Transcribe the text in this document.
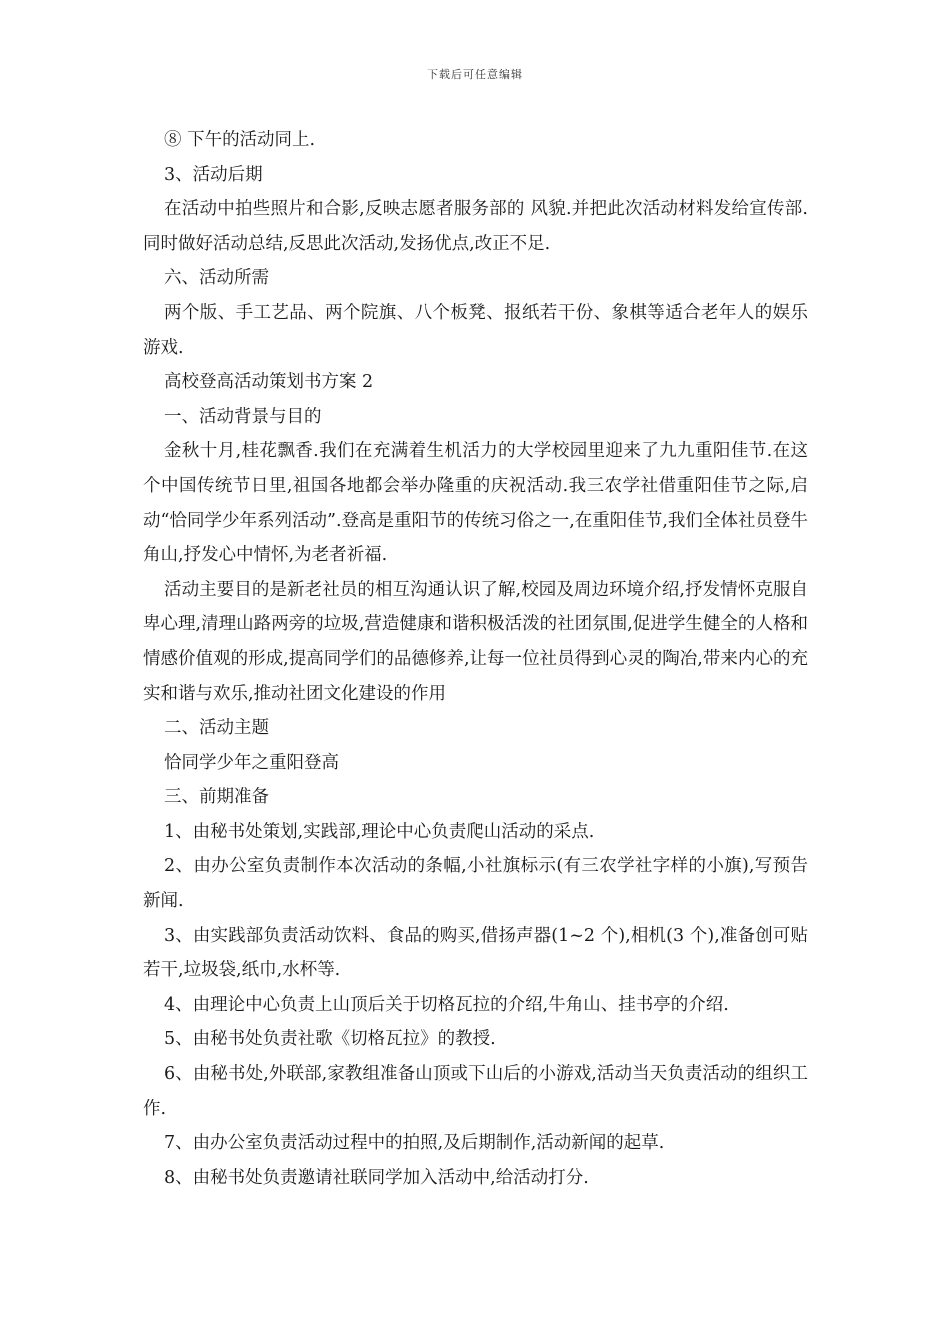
下载后可任意编辑

⑧ 下午的活动同上.

3、活动后期

在活动中拍些照片和合影,反映志愿者服务部的 风貌.并把此次活动材料发给宣传部.同时做好活动总结,反思此次活动,发扬优点,改正不足.

六、活动所需

两个版、手工艺品、两个院旗、八个板凳、报纸若干份、象棋等适合老年人的娱乐游戏.

高校登高活动策划书方案 2

一、活动背景与目的

金秋十月,桂花飘香.我们在充满着生机活力的大学校园里迎来了九九重阳佳节.在这个中国传统节日里,祖国各地都会举办隆重的庆祝活动.我三农学社借重阳佳节之际,启动“恰同学少年系列活动”.登高是重阳节的传统习俗之一,在重阳佳节,我们全体社员登牛角山,抒发心中情怀,为老者祈福.

活动主要目的是新老社员的相互沟通认识了解,校园及周边环境介绍,抒发情怀克服自卑心理,清理山路两旁的垃圾,营造健康和谐积极活泼的社团氛围,促进学生健全的人格和情感价值观的形成,提高同学们的品德修养,让每一位社员得到心灵的陶冶,带来内心的充实和谐与欢乐,推动社团文化建设的作用

二、活动主题

恰同学少年之重阳登高

三、前期准备

1、由秘书处策划,实践部,理论中心负责爬山活动的采点.

2、由办公室负责制作本次活动的条幅,小社旗标示(有三农学社字样的小旗),写预告新闻.

3、由实践部负责活动饮料、食品的购买,借扬声器(1~2 个),相机(3 个),准备创可贴若干,垃圾袋,纸巾,水杯等.

4、由理论中心负责上山顶后关于切格瓦拉的介绍,牛角山、挂书亭的介绍.

5、由秘书处负责社歌《切格瓦拉》的教授.

6、由秘书处,外联部,家教组准备山顶或下山后的小游戏,活动当天负责活动的组织工作.

7、由办公室负责活动过程中的拍照,及后期制作,活动新闻的起草.

8、由秘书处负责邀请社联同学加入活动中,给活动打分.
